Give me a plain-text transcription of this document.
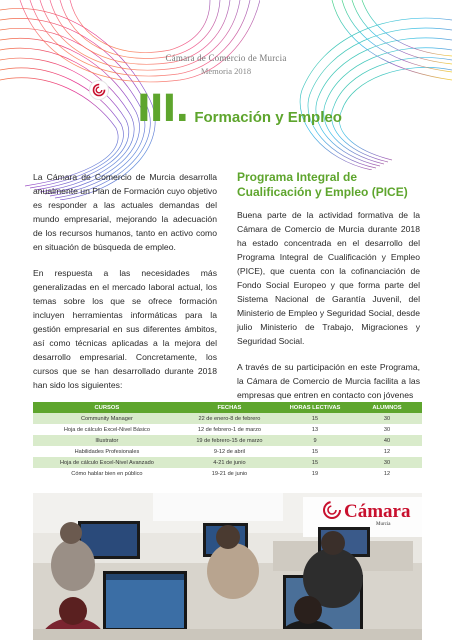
Cámara de Comercio de Murcia
Memoria 2018
III. Formación y Empleo

La Cámara de Comercio de Murcia desarrolla anualmente un Plan de Formación cuyo objetivo es responder a las actuales demandas del mundo empresarial, mejorando la adecuación de los recursos humanos, tanto en activo como en situación de búsqueda de empleo.

En respuesta a las necesidades más generalizadas en el mercado laboral actual, los temas sobre los que se ofrece formación incluyen herramientas informáticas para la gestión empresarial en sus diferentes ámbitos, así como técnicas aplicadas a la mejora del desarrollo empresarial. Concretamente, los cursos que se han desarrollado durante 2018 han sido los siguientes:

Programa Integral de Cualificación y Empleo (PICE)

Buena parte de la actividad formativa de la Cámara de Comercio de Murcia durante 2018 ha estado concentrada en el desarrollo del Programa Integral de Cualificación y Empleo (PICE), que cuenta con la cofinanciación de Fondo Social Europeo y que forma parte del Sistema Nacional de Garantía Juvenil, del Ministerio de Empleo y Seguridad Social, desde julio Ministerio de Trabajo, Migraciones y Seguridad Social.

A través de su participación en este Programa, la Cámara de Comercio de Murcia facilita a las empresas que entren en contacto con jóvenes

CURSOS	FECHAS	HORAS LECTIVAS	ALUMNOS
Community Manager	22 de enero-8 de febrero	15	30
Hoja de cálculo Excel-Nivel Básico	12 de febrero-1 de marzo	13	30
Illustrator	19 de febrero-15 de marzo	9	40
Habilidades Profesionales	9-12 de abril	15	12
Hoja de cálculo Excel-Nivel Avanzado	4-21 de junio	15	30
Cómo hablar bien en público	19-21 de junio	19	12
Cámara
Murcia
